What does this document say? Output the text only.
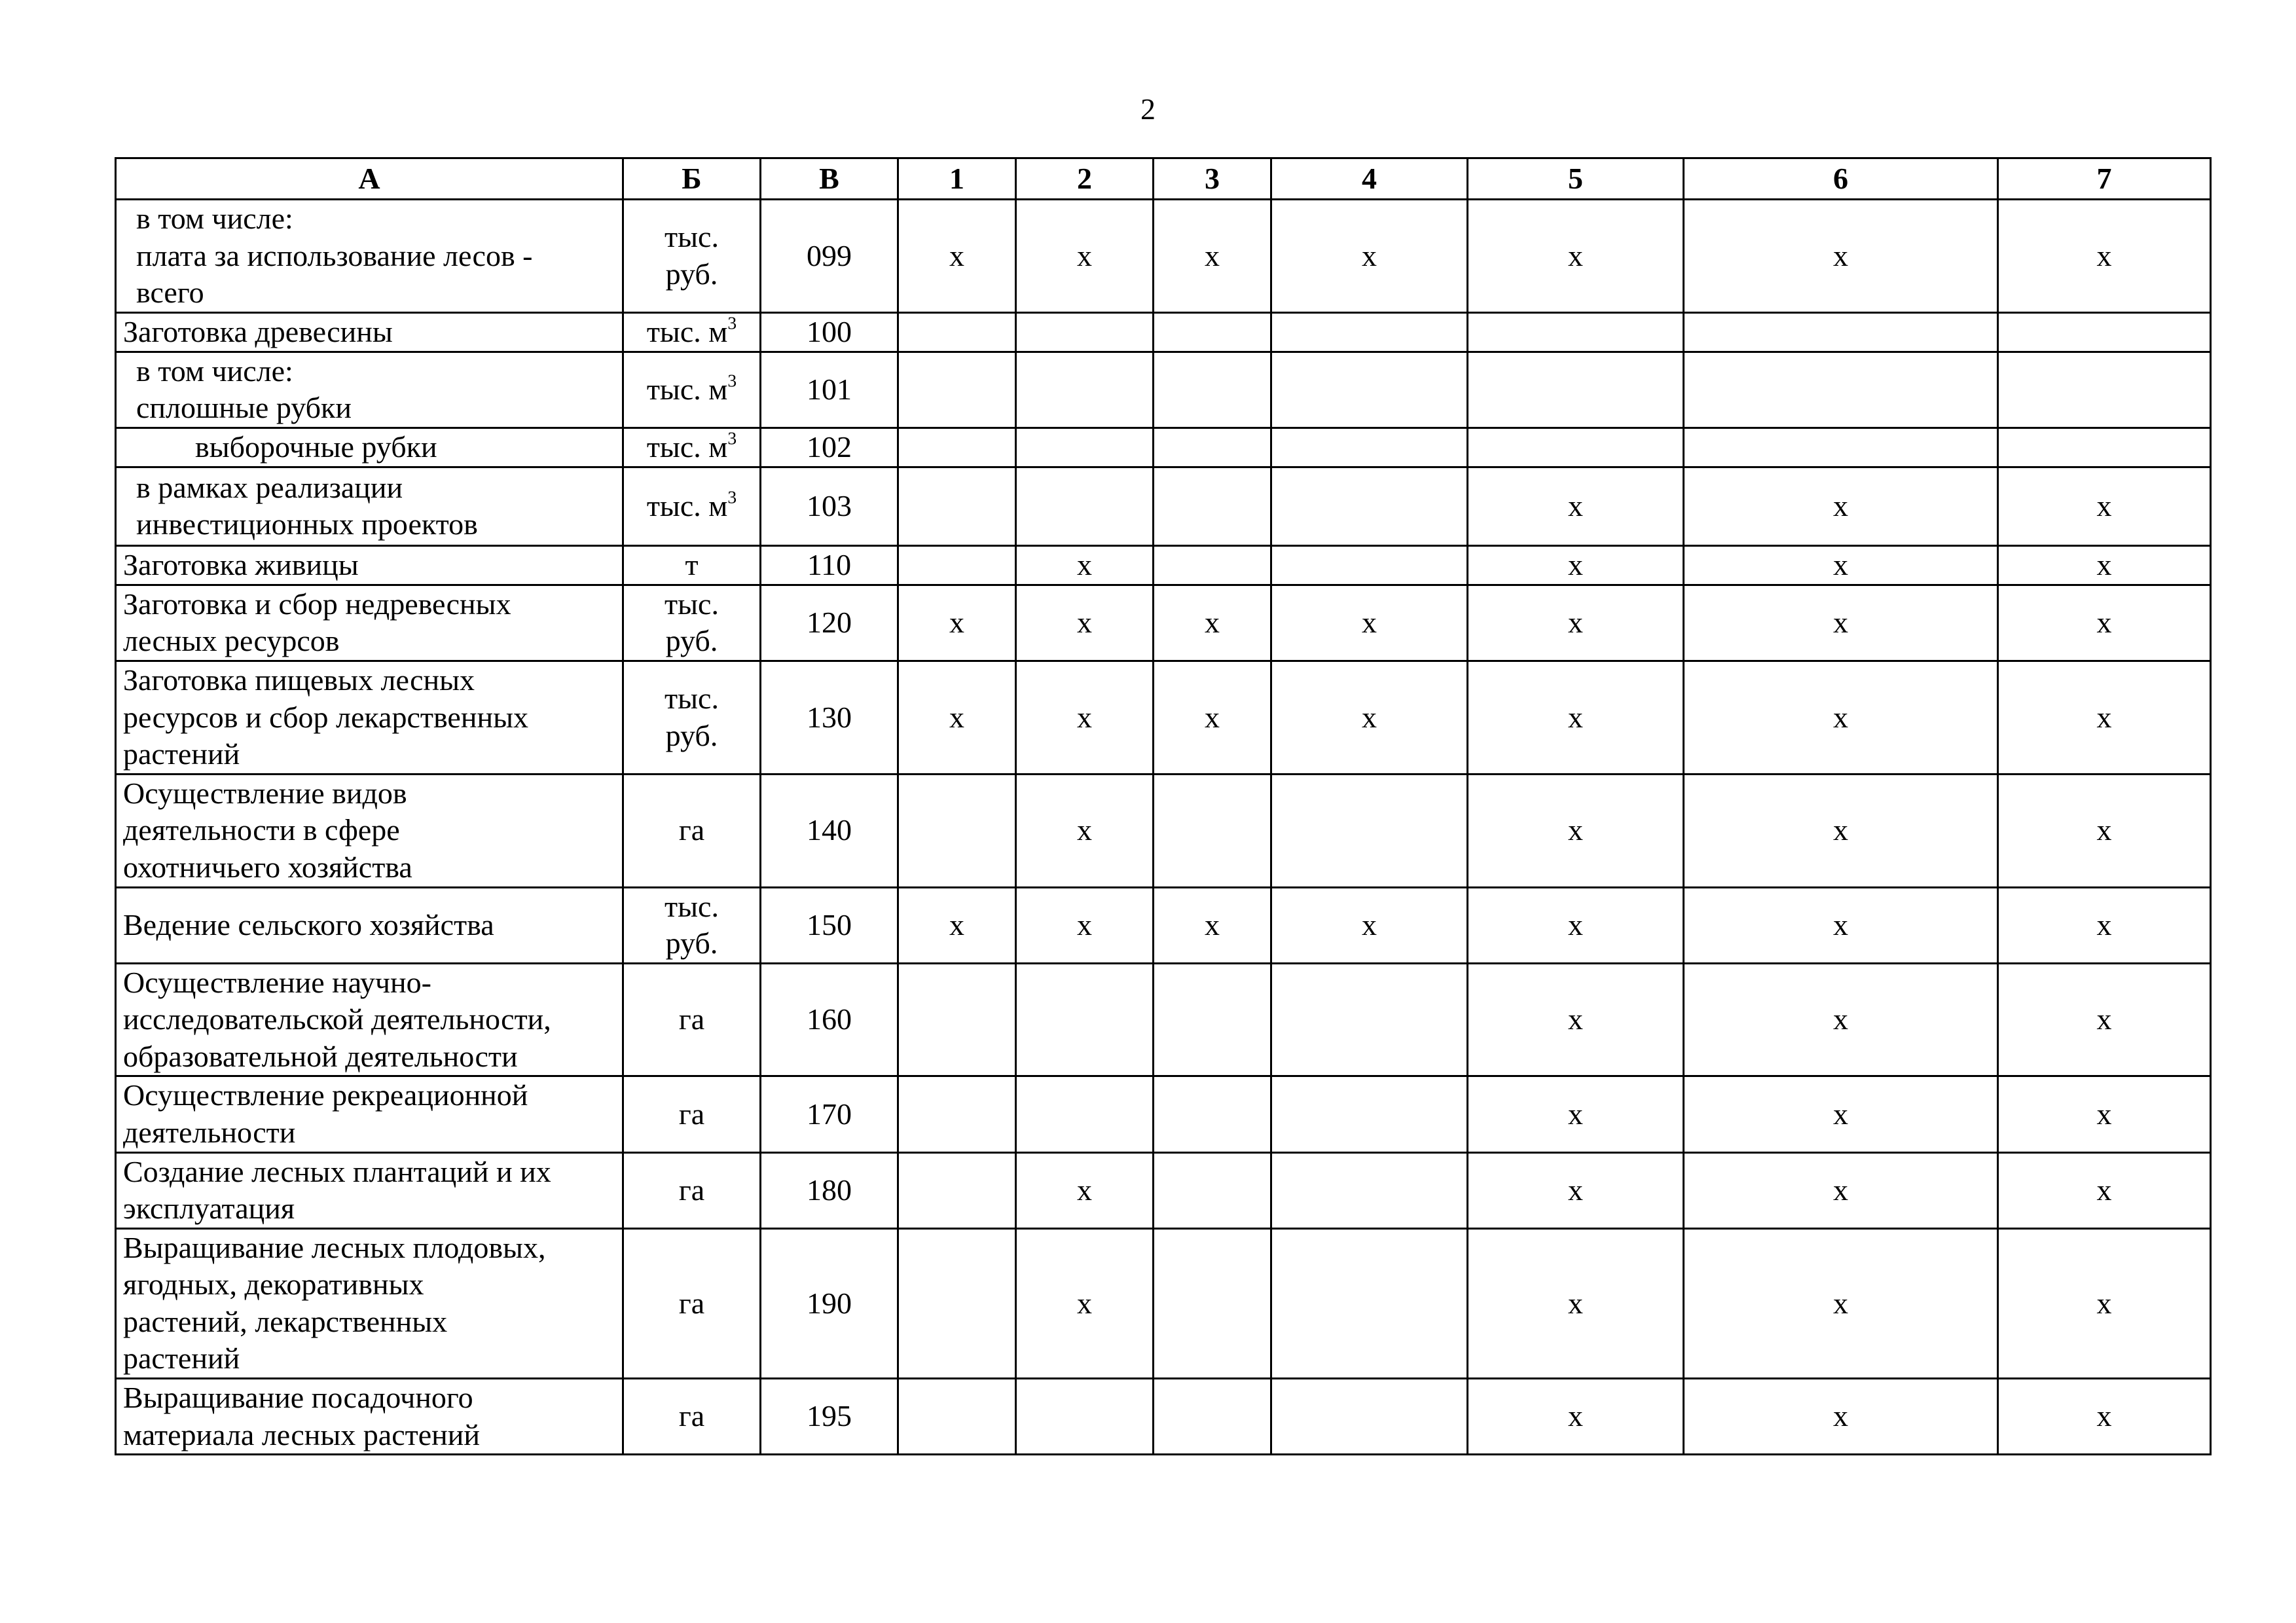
2
А	Б	В	1	2	3	4	5	6	7
в том числе:
плата за использование лесов -
всего	тыс.
руб.	099	x	x	x	x	x	x	x
Заготовка древесины	тыс. $м^3$	100							
в том числе:
сплошные рубки	тыс. $м^3$	101							
выборочные рубки	тыс. $м^3$	102							
в рамках реализации
инвестиционных проектов	тыс. $м^3$	103					x	x	x
Заготовка живицы	т	110		x			x	x	x
Заготовка и сбор недревесных
лесных ресурсов	тыс.
руб.	120	x	x	x	x	x	x	x
Заготовка пищевых лесных
ресурсов и сбор лекарственных
растений	тыс.
руб.	130	x	x	x	x	x	x	x
Осуществление видов
деятельности в сфере
охотничьего хозяйства	га	140		x			x	x	x
Ведение сельского хозяйства	тыс.
руб.	150	x	x	x	x	x	x	x
Осуществление научно-
исследовательской деятельности,
образовательной деятельности	га	160					x	x	x
Осуществление рекреационной
деятельности	га	170					x	x	x
Создание лесных плантаций и их
эксплуатация	га	180		x			x	x	x
Выращивание лесных плодовых,
ягодных, декоративных
растений, лекарственных
растений	га	190		x			x	x	x
Выращивание посадочного
материала лесных растений	га	195					x	x	x
